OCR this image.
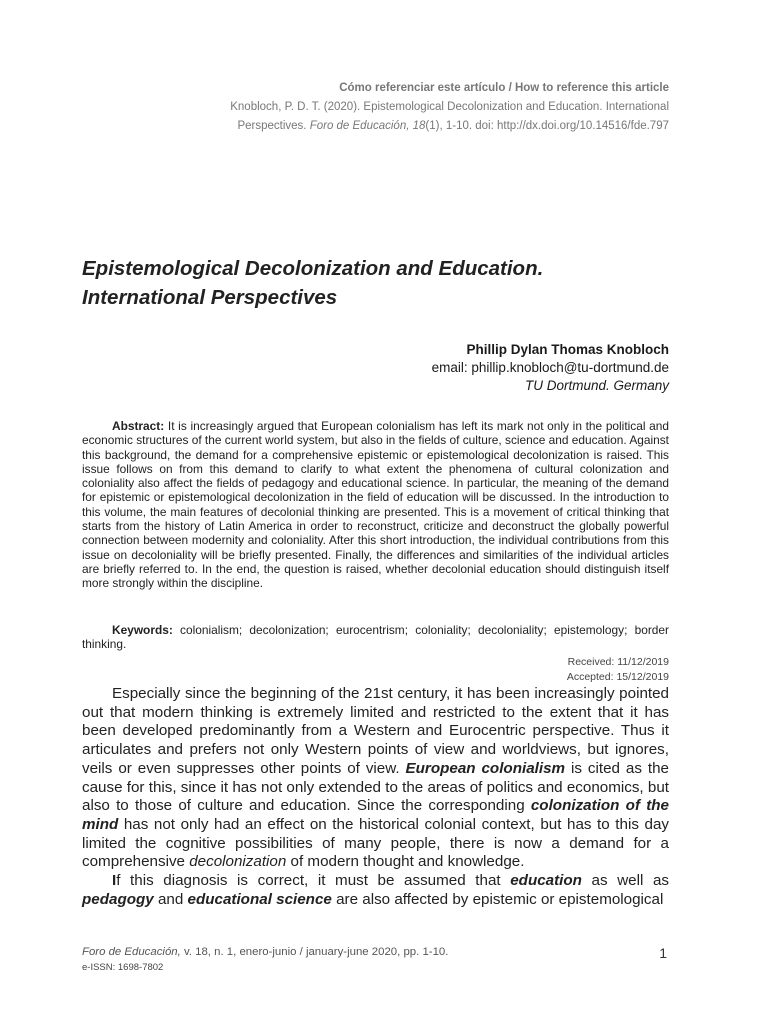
Cómo referenciar este artículo / How to reference this article
Knobloch, P. D. T. (2020). Epistemological Decolonization and Education. International Perspectives. Foro de Educación, 18(1), 1-10. doi: http://dx.doi.org/10.14516/fde.797
Epistemological Decolonization and Education. International Perspectives
Phillip Dylan Thomas Knobloch
email: phillip.knobloch@tu-dortmund.de
TU Dortmund. Germany
Abstract: It is increasingly argued that European colonialism has left its mark not only in the political and economic structures of the current world system, but also in the fields of culture, science and education. Against this background, the demand for a comprehensive epistemic or epistemological decolonization is raised. This issue follows on from this demand to clarify to what extent the phenomena of cultural colonization and coloniality also affect the fields of pedagogy and educational science. In particular, the meaning of the demand for epistemic or epistemological decolonization in the field of education will be discussed. In the introduction to this volume, the main features of decolonial thinking are presented. This is a movement of critical thinking that starts from the history of Latin America in order to reconstruct, criticize and deconstruct the globally powerful connection between modernity and coloniality. After this short introduction, the individual contributions from this issue on decoloniality will be briefly presented. Finally, the differences and similarities of the individual articles are briefly referred to. In the end, the question is raised, whether decolonial education should distinguish itself more strongly within the discipline.
Keywords: colonialism; decolonization; eurocentrism; coloniality; decoloniality; epistemology; border thinking.
Received: 11/12/2019
Accepted: 15/12/2019

Especially since the beginning of the 21st century, it has been increasingly pointed out that modern thinking is extremely limited and restricted to the extent that it has been developed predominantly from a Western and Eurocentric perspective. Thus it articulates and prefers not only Western points of view and worldviews, but ignores, veils or even suppresses other points of view. European colonialism is cited as the cause for this, since it has not only extended to the areas of politics and economics, but also to those of culture and education. Since the corresponding colonization of the mind has not only had an effect on the historical colonial context, but has to this day limited the cognitive possibilities of many people, there is now a demand for a comprehensive decolonization of modern thought and knowledge.

If this diagnosis is correct, it must be assumed that education as well as pedagogy and educational science are also affected by epistemic or epistemological

Foro de Educación, v. 18, n. 1, enero-junio / january-june 2020, pp. 1-10.
e-ISSN: 1698-7802
1
